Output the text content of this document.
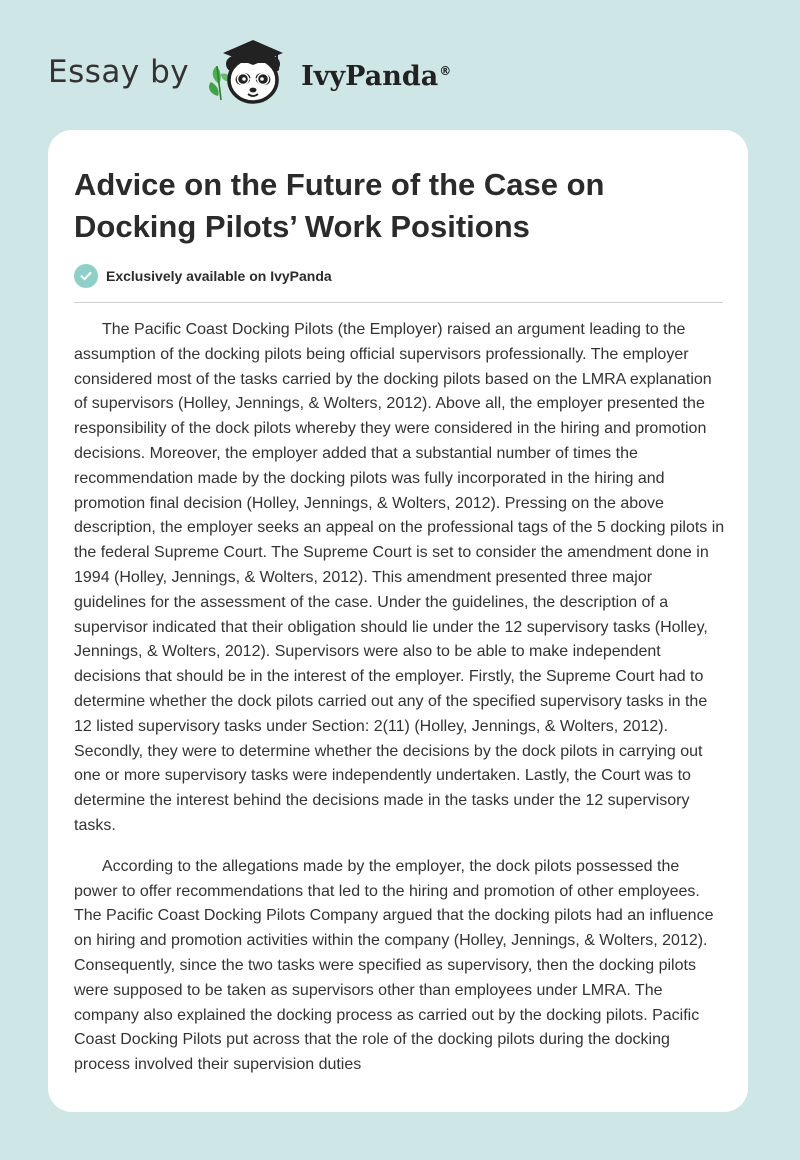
Essay by	IvyPanda®
Advice on the Future of the Case on Docking Pilots’ Work Positions
Exclusively available on IvyPanda

The Pacific Coast Docking Pilots (the Employer) raised an argument leading to the assumption of the docking pilots being official supervisors professionally. The employer considered most of the tasks carried by the docking pilots based on the LMRA explanation of supervisors (Holley, Jennings, & Wolters, 2012). Above all, the employer presented the responsibility of the dock pilots whereby they were considered in the hiring and promotion decisions. Moreover, the employer added that a substantial number of times the recommendation made by the docking pilots was fully incorporated in the hiring and promotion final decision (Holley, Jennings, & Wolters, 2012). Pressing on the above description, the employer seeks an appeal on the professional tags of the 5 docking pilots in the federal Supreme Court. The Supreme Court is set to consider the amendment done in 1994 (Holley, Jennings, & Wolters, 2012). This amendment presented three major guidelines for the assessment of the case. Under the guidelines, the description of a supervisor indicated that their obligation should lie under the 12 supervisory tasks (Holley, Jennings, & Wolters, 2012). Supervisors were also to be able to make independent decisions that should be in the interest of the employer. Firstly, the Supreme Court had to determine whether the dock pilots carried out any of the specified supervisory tasks in the 12 listed supervisory tasks under Section: 2(11) (Holley, Jennings, & Wolters, 2012). Secondly, they were to determine whether the decisions by the dock pilots in carrying out one or more supervisory tasks were independently undertaken. Lastly, the Court was to determine the interest behind the decisions made in the tasks under the 12 supervisory tasks.

According to the allegations made by the employer, the dock pilots possessed the power to offer recommendations that led to the hiring and promotion of other employees. The Pacific Coast Docking Pilots Company argued that the docking pilots had an influence on hiring and promotion activities within the company (Holley, Jennings, & Wolters, 2012). Consequently, since the two tasks were specified as supervisory, then the docking pilots were supposed to be taken as supervisors other than employees under LMRA. The company also explained the docking process as carried out by the docking pilots. Pacific Coast Docking Pilots put across that the role of the docking pilots during the docking process involved their supervision duties
